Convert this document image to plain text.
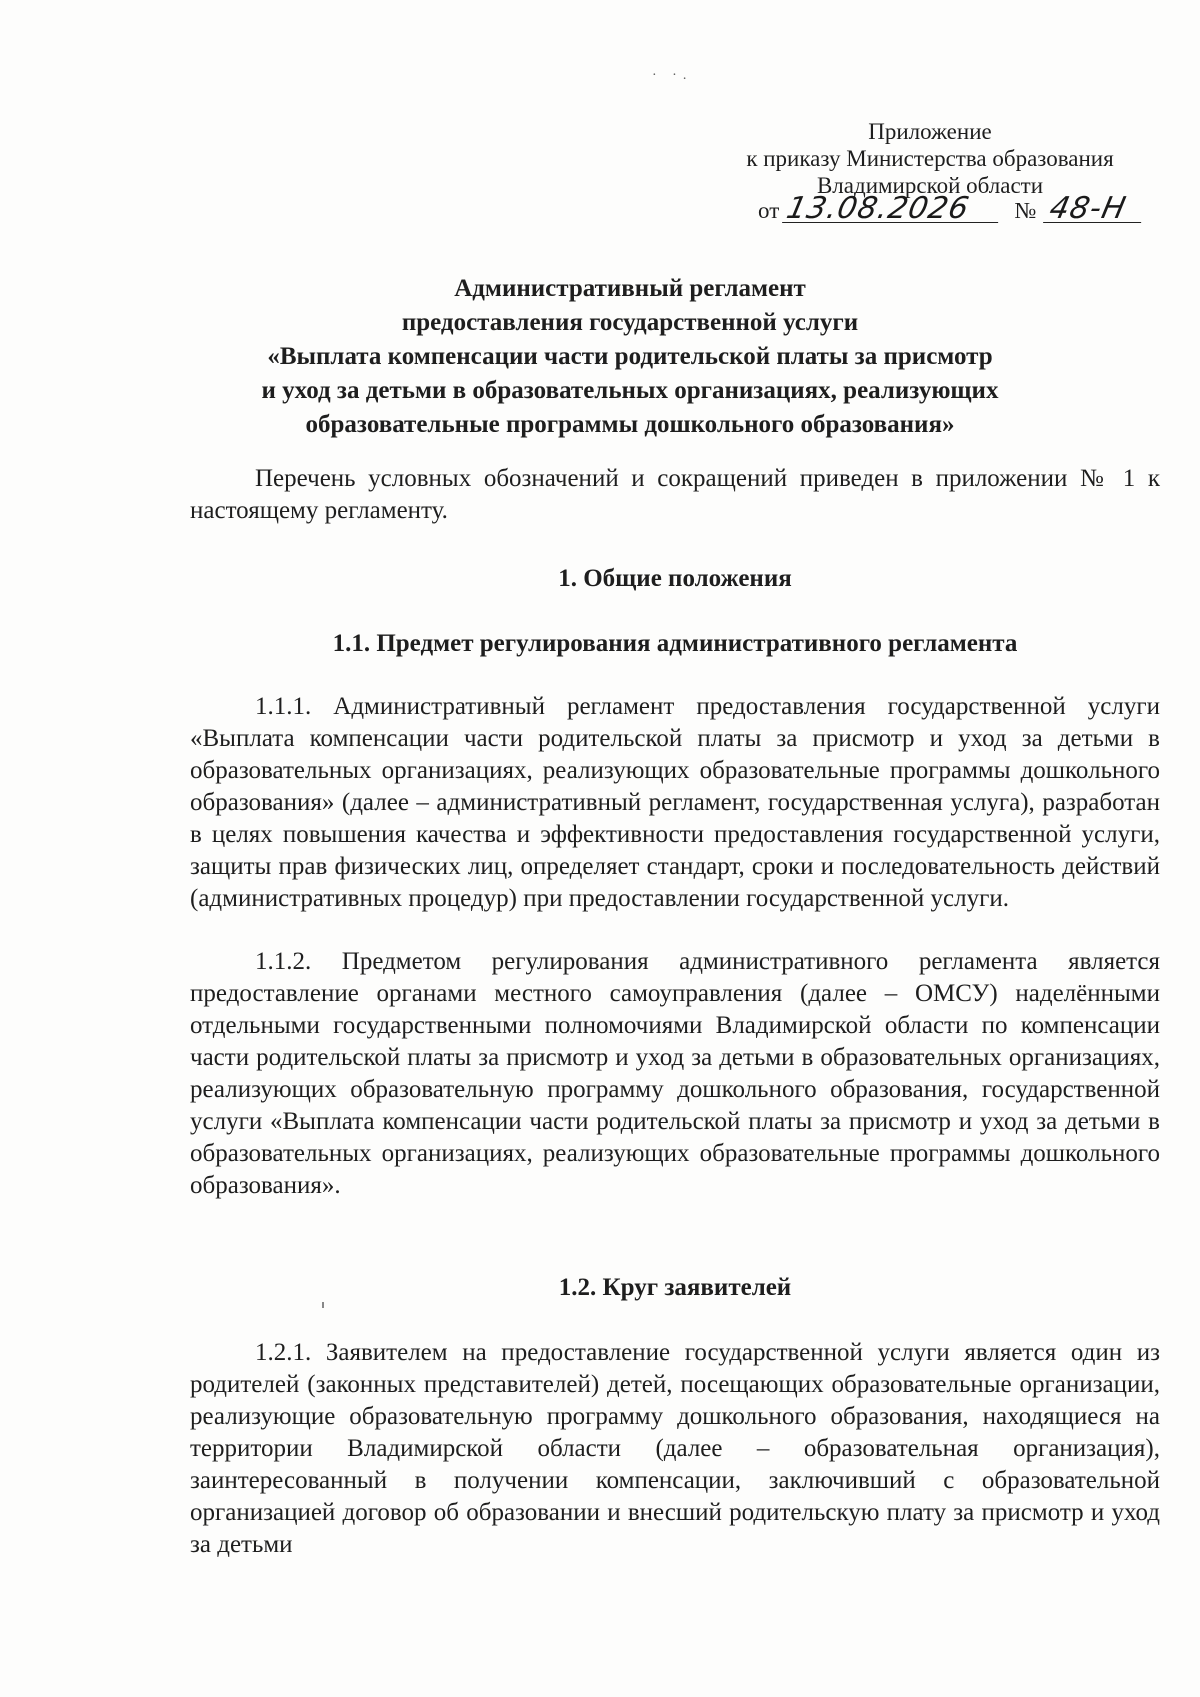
· ·.
Приложение
к приказу Министерства образования
Владимирской области
от 13.08.2026 № 48-Н
Административный регламент
предоставления государственной услуги
«Выплата компенсации части родительской платы за присмотр
и уход за детьми в образовательных организациях, реализующих
образовательные программы дошкольного образования»

Перечень условных обозначений и сокращений приведен в приложении № 1 к настоящему регламенту.

1. Общие положения
1.1. Предмет регулирования административного регламента

1.1.1. Административный регламент предоставления государственной услуги «Выплата компенсации части родительской платы за присмотр и уход за детьми в образовательных организациях, реализующих образовательные программы дошкольного образования» (далее – административный регламент, государственная услуга), разработан в целях повышения качества и эффективности предоставления государственной услуги, защиты прав физических лиц, определяет стандарт, сроки и последовательность действий (административных процедур) при предоставлении государственной услуги.

1.1.2. Предметом регулирования административного регламента является предоставление органами местного самоуправления (далее – ОМСУ) наделёнными отдельными государственными полномочиями Владимирской области по компенсации части родительской платы за присмотр и уход за детьми в образовательных организациях, реализующих образовательную программу дошкольного образования, государственной услуги «Выплата компенсации части родительской платы за присмотр и уход за детьми в образовательных организациях, реализующих образовательные программы дошкольного образования».

1.2. Круг заявителей

1.2.1. Заявителем на предоставление государственной услуги является один из родителей (законных представителей) детей, посещающих образовательные организации, реализующие образовательную программу дошкольного образования, находящиеся на территории Владимирской области (далее – образовательная организация), заинтересованный в получении компенсации, заключивший с образовательной организацией договор об образовании и внесший родительскую плату за присмотр и уход за детьми
